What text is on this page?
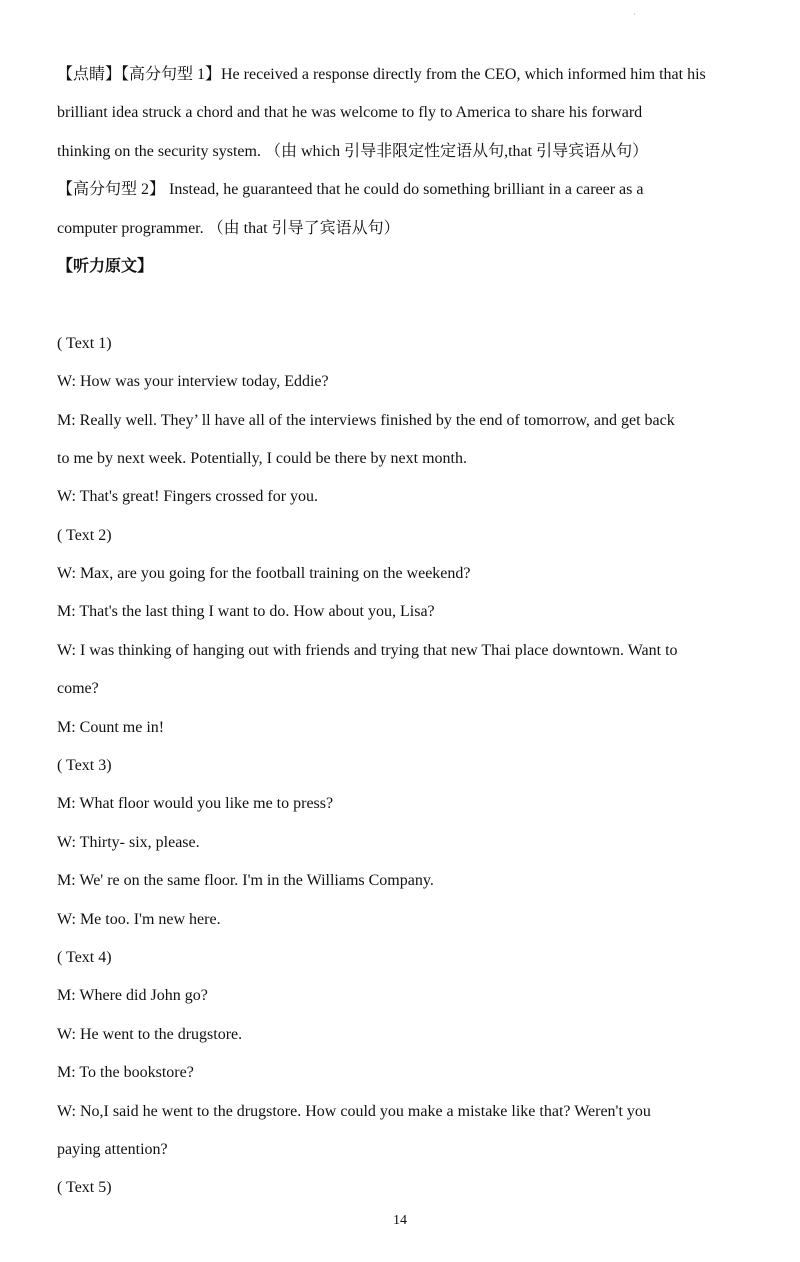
·
【点睛】【高分句型 1】He received a response directly from the CEO, which informed him that his
brilliant idea struck a chord and that he was welcome to fly to America to share his forward
thinking on the security system. （由 which 引导非限定性定语从句,that 引导宾语从句）
【高分句型 2】 Instead, he guaranteed that he could do something brilliant in a career as a
computer programmer. （由 that 引导了宾语从句）
【听力原文】
( Text 1)
W: How was your interview today, Eddie?
M: Really well. They’ ll have all of the interviews finished by the end of tomorrow, and get back
to me by next week. Potentially, I could be there by next month.
W: That's great! Fingers crossed for you.
( Text 2)
W: Max, are you going for the football training on the weekend?
M: That's the last thing I want to do. How about you, Lisa?
W: I was thinking of hanging out with friends and trying that new Thai place downtown. Want to
come?
M: Count me in!
( Text 3)
M: What floor would you like me to press?
W: Thirty- six, please.
M: We' re on the same floor. I'm in the Williams Company.
W: Me too. I'm new here.
( Text 4)
M: Where did John go?
W: He went to the drugstore.
M: To the bookstore?
W: No,I said he went to the drugstore. How could you make a mistake like that? Weren't you
paying attention?
( Text 5)
14
